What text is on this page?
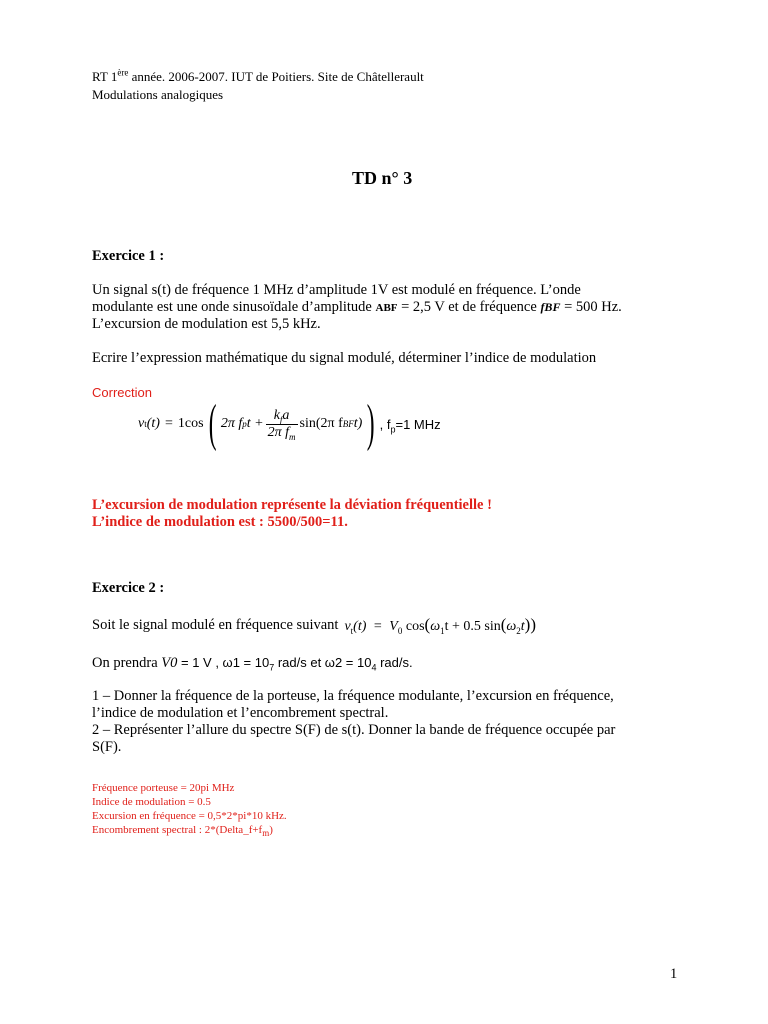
RT 1ère année. 2006-2007. IUT de Poitiers. Site de Châtellerault
Modulations analogiques
TD n° 3
Exercice 1 :
Un signal s(t) de fréquence 1 MHz d’amplitude 1V est modulé en fréquence. L’onde
modulante est une onde sinusoïdale d’amplitude ABF = 2,5 V et de fréquence fBF = 500 Hz.
L’excursion de modulation est 5,5 kHz.
Ecrire l’expression mathématique du signal modulé, déterminer l’indice de modulation
Correction
v t (t) = 1cos ( 2π f p $t + \frac{k_fa}{2\pi f_m} \sin(2\pi$ f BF t) ) , $f_p=1$ MHz
L’excursion de modulation représente la déviation fréquentielle !
L’indice de modulation est : 5500/500=11.
Exercice 2 :
Soit le signal modulé en fréquence suivant $v_t(t) = V_0$ $\cos(\omega_1t + 0.5$ $\sin(\omega_2t)$)
On prendra V0 = 1 V , $\omega 1 = 10_7$ rad/s et $\omega 2 = 10_4$ rad/s.
1 – Donner la fréquence de la porteuse, la fréquence modulante, l’excursion en fréquence,
l’indice de modulation et l’encombrement spectral.
2 – Représenter l’allure du spectre S(F) de s(t). Donner la bande de fréquence occupée par
S(F).
Fréquence porteuse = 20pi MHz
Indice de modulation = 0.5
Excursion en fréquence = 0,5*2*pi*10 kHz.
Encombrement spectral : $2*(Delta\_f+f_m)$
1
